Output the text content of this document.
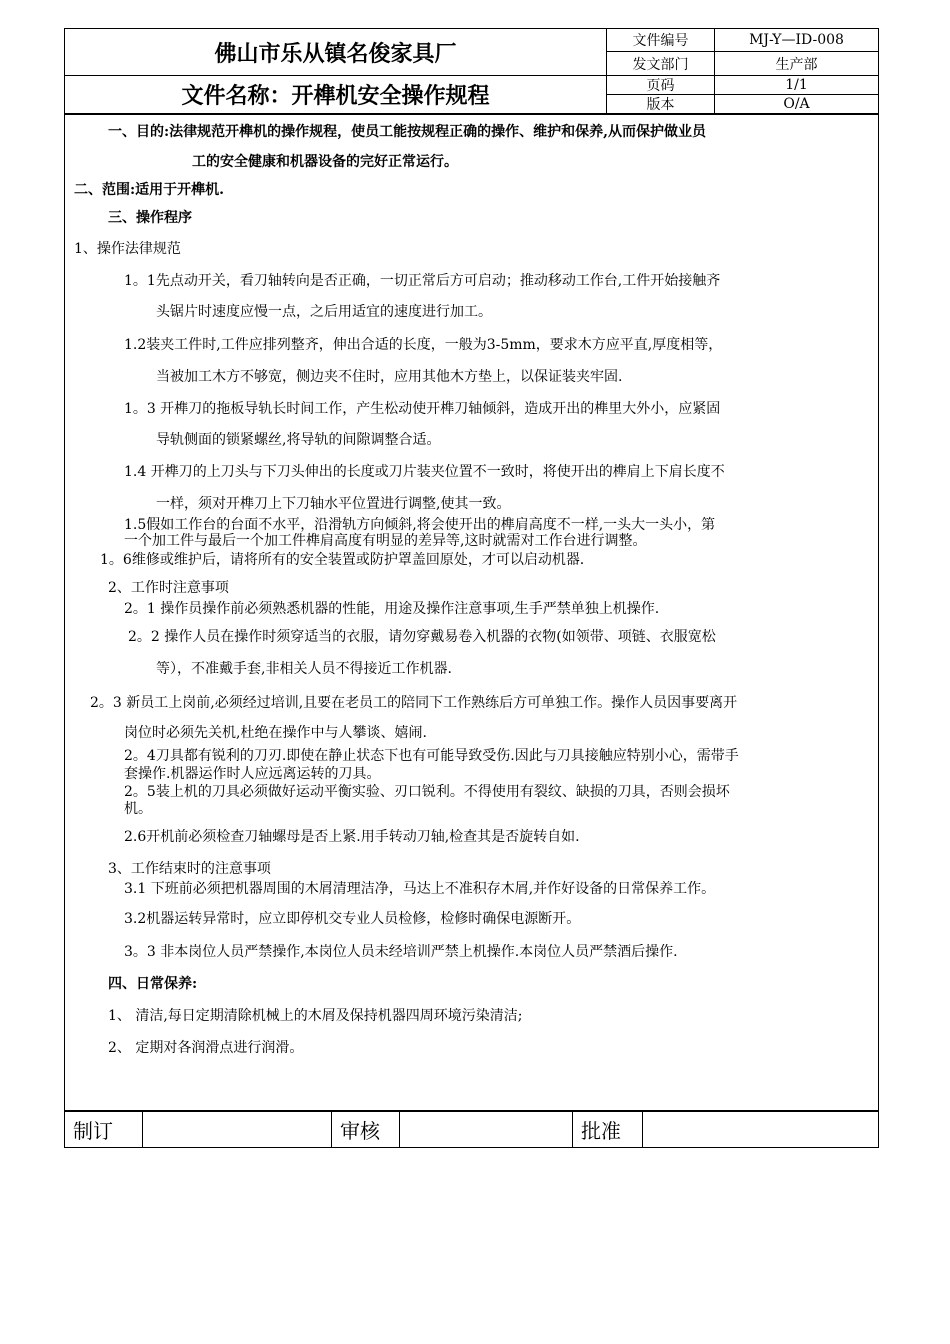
佛山市乐从镇名俊家具厂
文件名称：开榫机安全操作规程
文件编号	MJ-Y—ID-008
发文部门	生产部
页码	1/1
版本	O/A
一、目的:法律规范开榫机的操作规程，使员工能按规程正确的操作、维护和保养,从而保护做业员
工的安全健康和机器设备的完好正常运行。
二、范围:适用于开榫机.
三、操作程序
1、操作法律规范
1。1先点动开关，看刀轴转向是否正确，一切正常后方可启动；推动移动工作台,工件开始接触齐
头锯片时速度应慢一点，之后用适宜的速度进行加工。
1.2装夹工件时,工件应排列整齐，伸出合适的长度，一般为3-5mm，要求木方应平直,厚度相等，
当被加工木方不够宽，侧边夹不住时，应用其他木方垫上，以保证装夹牢固.
1。3 开榫刀的拖板导轨长时间工作，产生松动使开榫刀轴倾斜，造成开出的榫里大外小，应紧固
导轨侧面的锁紧螺丝,将导轨的间隙调整合适。
1.4 开榫刀的上刀头与下刀头伸出的长度或刀片装夹位置不一致时，将使开出的榫肩上下肩长度不
一样，须对开榫刀上下刀轴水平位置进行调整,使其一致。
1.5假如工作台的台面不水平，沿滑轨方向倾斜,将会使开出的榫肩高度不一样,一头大一头小，第
一个加工件与最后一个加工件榫肩高度有明显的差异等,这时就需对工作台进行调整。
1。6维修或维护后，请将所有的安全装置或防护罩盖回原处，才可以启动机器.
2、工作时注意事项
2。1 操作员操作前必须熟悉机器的性能，用途及操作注意事项,生手严禁单独上机操作.
2。2 操作人员在操作时须穿适当的衣服，请勿穿戴易卷入机器的衣物(如领带、项链、衣服宽松
等），不准戴手套,非相关人员不得接近工作机器.
2。3 新员工上岗前,必须经过培训,且要在老员工的陪同下工作熟练后方可单独工作。操作人员因事要离开
岗位时必须先关机,杜绝在操作中与人攀谈、嬉闹.
2。4刀具都有锐利的刀刃.即使在静止状态下也有可能导致受伤.因此与刀具接触应特别小心，需带手
套操作.机器运作时人应远离运转的刀具。
2。5装上机的刀具必须做好运动平衡实验、刃口锐利。不得使用有裂纹、缺损的刀具，否则会损坏
机。
2.6开机前必须检查刀轴螺母是否上紧.用手转动刀轴,检查其是否旋转自如.
3、工作结束时的注意事项
3.1 下班前必须把机器周围的木屑清理洁净，马达上不准积存木屑,并作好设备的日常保养工作。
3.2机器运转异常时，应立即停机交专业人员检修，检修时确保电源断开。
3。3 非本岗位人员严禁操作,本岗位人员未经培训严禁上机操作.本岗位人员严禁酒后操作.
四、日常保养:
1、 清洁,每日定期清除机械上的木屑及保持机器四周环境污染清洁;
2、 定期对各润滑点进行润滑。
制订	审核	批准
